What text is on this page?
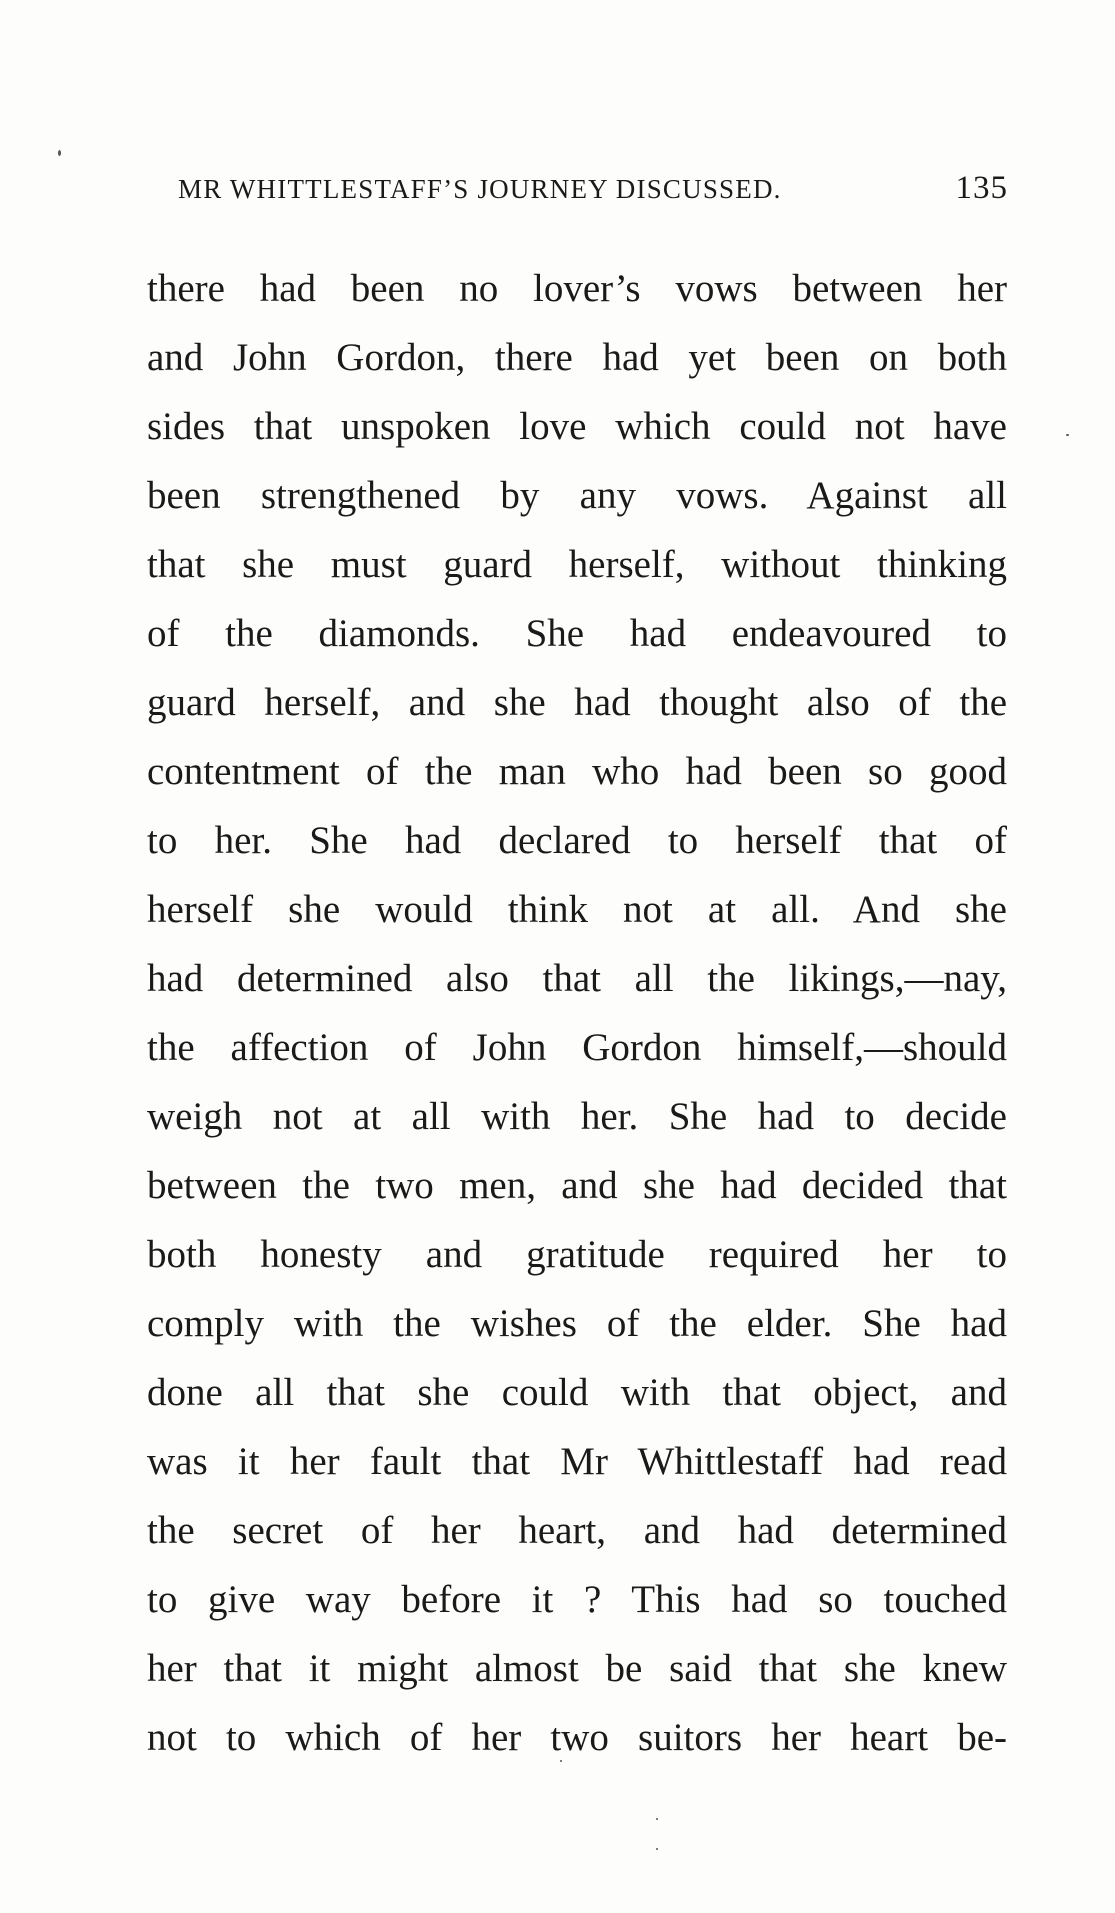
MR WHITTLESTAFF’S JOURNEY DISCUSSED.	135
there had been no lover’s vows between her
and John Gordon, there had yet been on both
sides that unspoken love which could not have
been strengthened by any vows. Against all
that she must guard herself, without thinking
of the diamonds. She had endeavoured to
guard herself, and she had thought also of the
contentment of the man who had been so good
to her. She had declared to herself that of
herself she would think not at all. And she
had determined also that all the likings,—nay,
the affection of John Gordon himself,—should
weigh not at all with her. She had to decide
between the two men, and she had decided that
both honesty and gratitude required her to
comply with the wishes of the elder. She had
done all that she could with that object, and
was it her fault that Mr Whittlestaff had read
the secret of her heart, and had determined
to give way before it ? This had so touched
her that it might almost be said that she knew
not to which of her two suitors her heart be-
